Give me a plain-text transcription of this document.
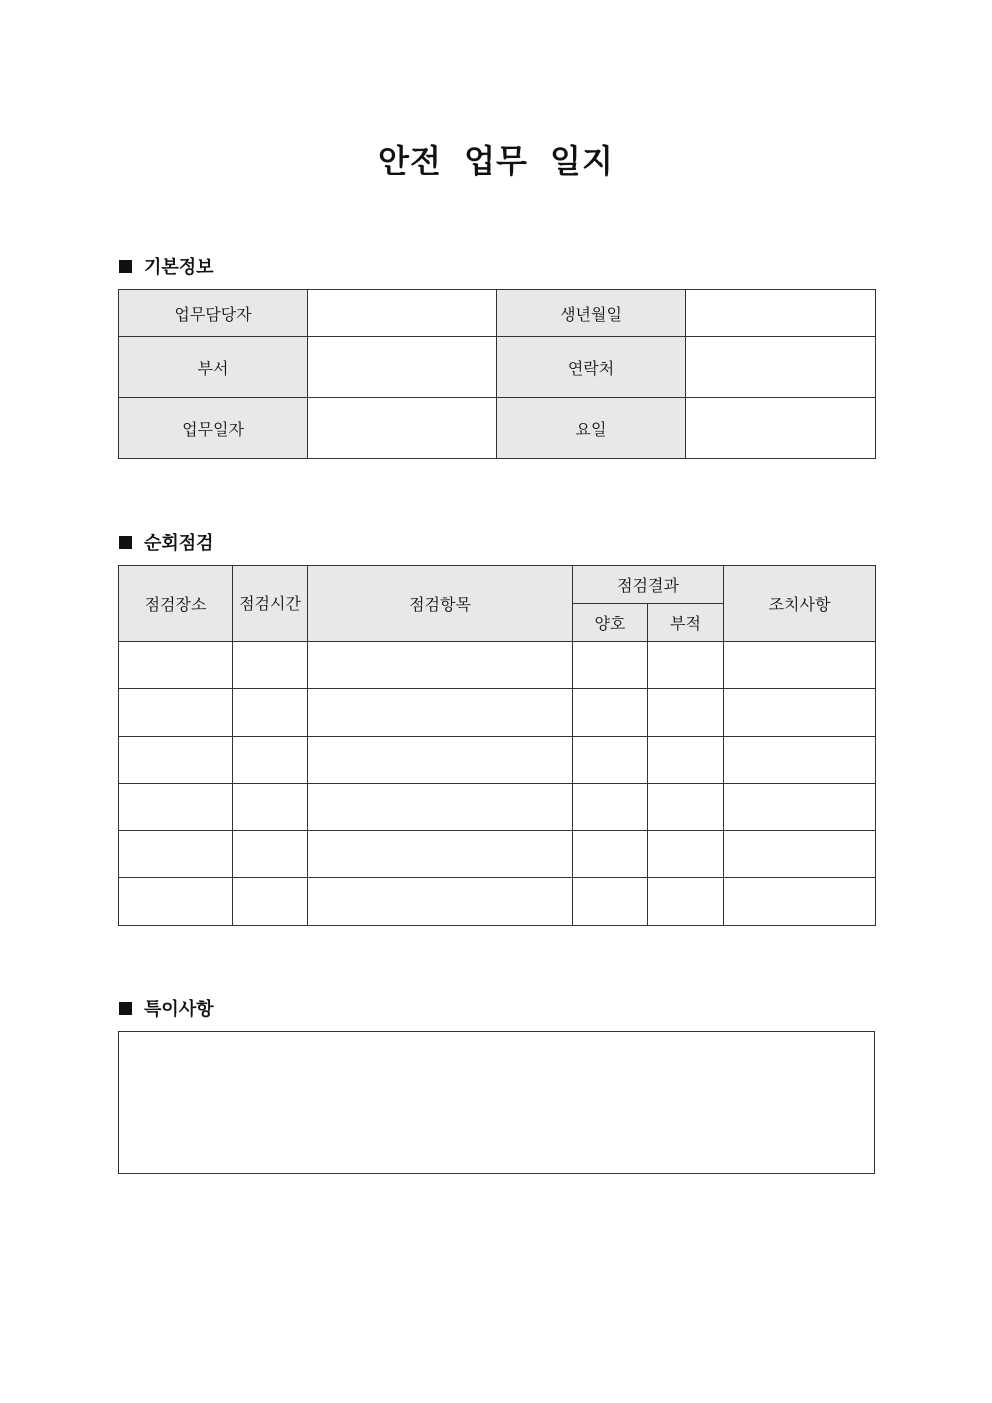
안전 업무 일지
기본정보
업무담당자		생년월일	
부서		연락처	
업무일자		요일	
순회점검
점검장소	점검시간	점검항목	점검결과		조치사항
			양호	부적	

특이사항
